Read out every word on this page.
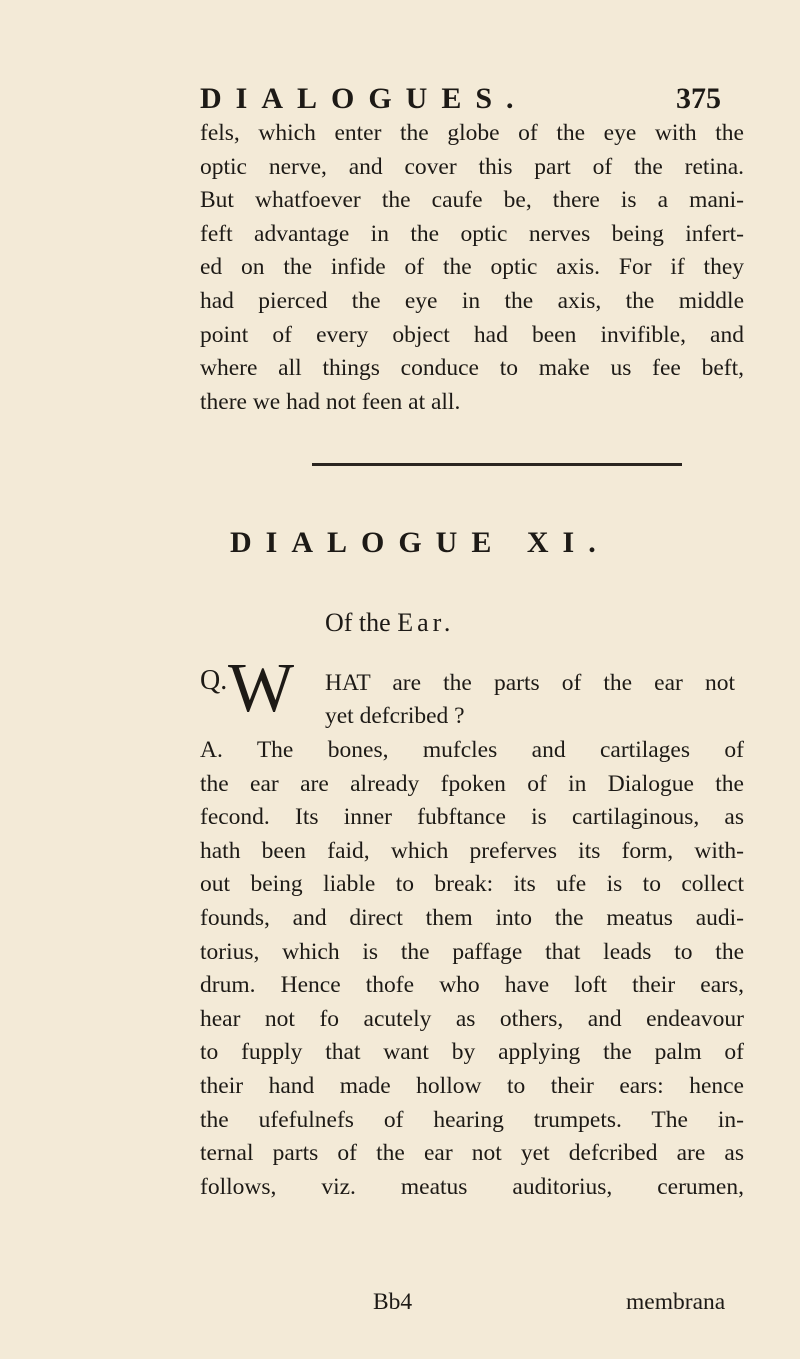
DIALOGUES.	375

fels, which enter the globe of the eye with the

optic nerve, and cover this part of the retina.

But whatfoever the caufe be, there is a mani-

feft advantage in the optic nerves being infert-

ed on the infide of the optic axis. For if they

had pierced the eye in the axis, the middle

point of every object had been invifible, and

where all things conduce to make us fee beft,

there we had not feen at all.

DIALOGUE XI.
Of the Ear.
Q. W HAT are the parts of the ear not
yet defcribed ?

A. The bones, mufcles and cartilages of

the ear are already fpoken of in Dialogue the

fecond. Its inner fubftance is cartilaginous, as

hath been faid, which preferves its form, with-

out being liable to break: its ufe is to collect

founds, and direct them into the meatus audi-

torius, which is the paffage that leads to the

drum. Hence thofe who have loft their ears,

hear not fo acutely as others, and endeavour

to fupply that want by applying the palm of

their hand made hollow to their ears: hence

the ufefulnefs of hearing trumpets. The in-

ternal parts of the ear not yet defcribed are as

follows, viz. meatus auditorius, cerumen,

Bb4	membrana
